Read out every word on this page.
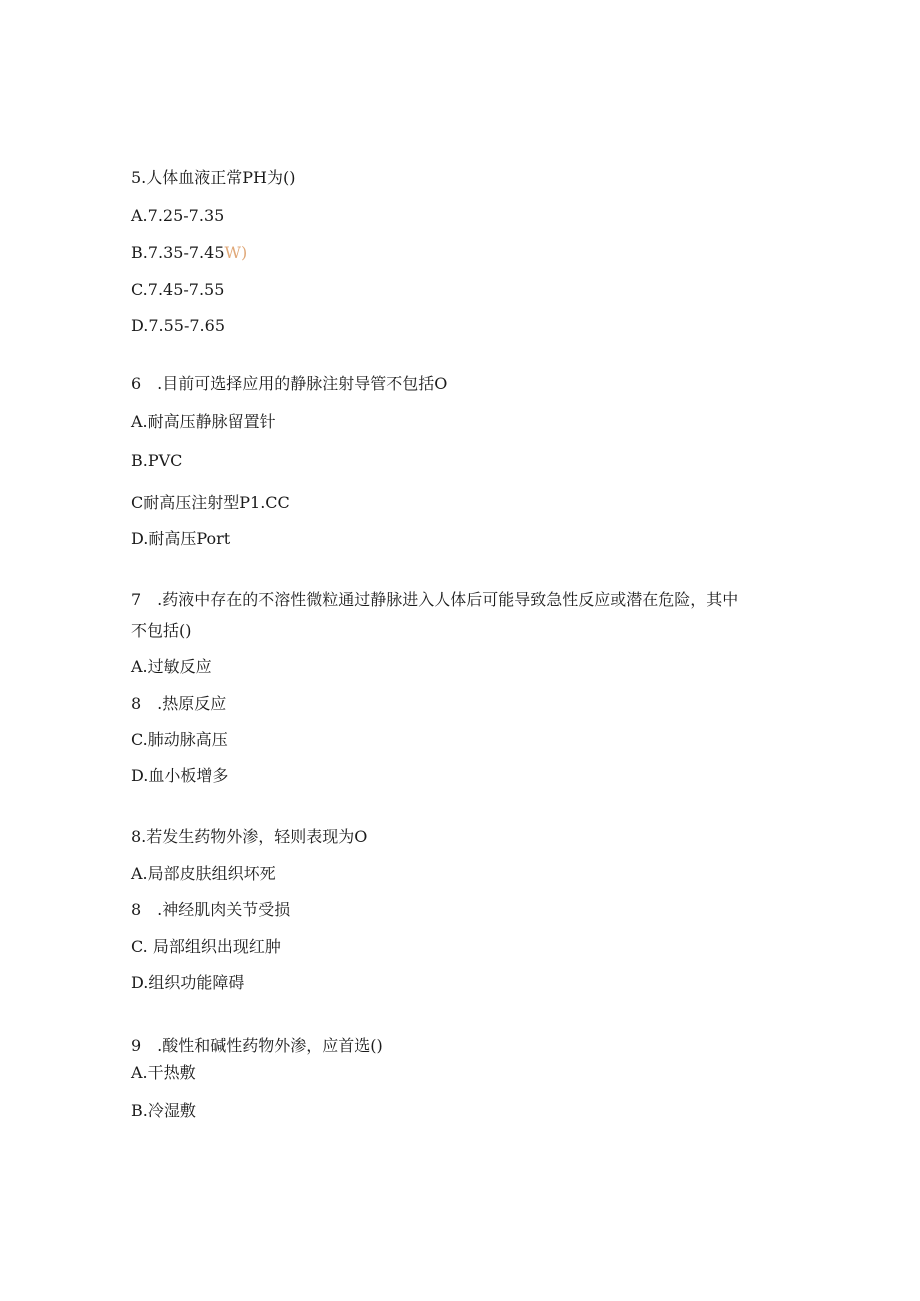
5.人体血液正常PH为()
A.7.25-7.35
B.7.35-7.45W)
C.7.45-7.55
D.7.55-7.65
6　.目前可选择应用的静脉注射导管不包括O
A.耐高压静脉留置针
B.PVC
C耐高压注射型P1.CC
D.耐高压Port
7　.药液中存在的不溶性微粒通过静脉进入人体后可能导致急性反应或潜在危险，其中
不包括()
A.过敏反应
8　.热原反应
C.肺动脉高压
D.血小板增多
8.若发生药物外渗，轻则表现为O
A.局部皮肤组织坏死
8　.神经肌肉关节受损
C. 局部组织出现红肿
D.组织功能障碍
9　.酸性和碱性药物外渗，应首选()
A.干热敷
B.冷湿敷
